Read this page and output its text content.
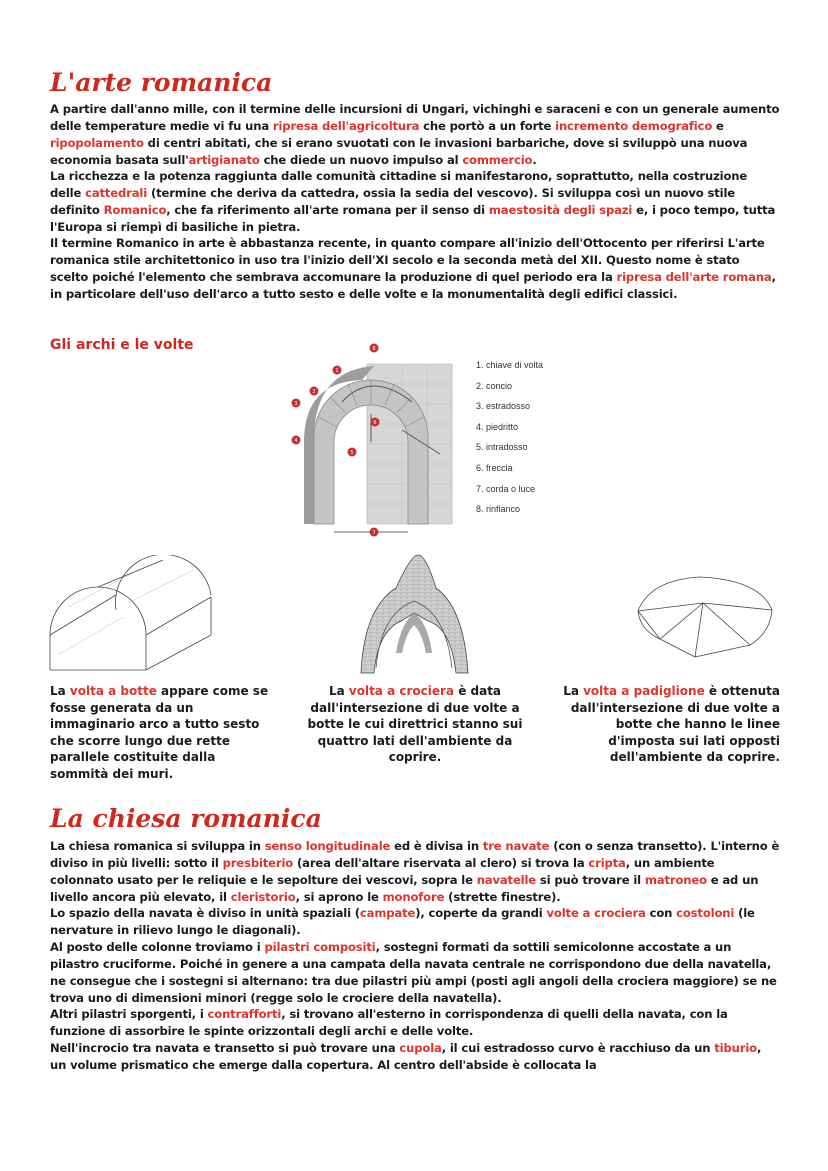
L'arte romanica

A partire dall'anno mille, con il termine delle incursioni di Ungari, vichinghi e saraceni e con un generale aumento delle temperature medie vi fu una ripresa dell'agricoltura che portò a un forte incremento demografico e ripopolamento di centri abitati, che si erano svuotati con le invasioni barbariche, dove si sviluppò una nuova economia basata sull'artigianato che diede un nuovo impulso al commercio.

La ricchezza e la potenza raggiunta dalle comunità cittadine si manifestarono, soprattutto, nella costruzione delle cattedrali (termine che deriva da cattedra, ossia la sedia del vescovo). Si sviluppa così un nuovo stile definito Romanico, che fa riferimento all'arte romana per il senso di maestosità degli spazi e, i poco tempo, tutta l'Europa si riempì di basiliche in pietra.

Il termine Romanico in arte è abbastanza recente, in quanto compare all'inizio dell'Ottocento per riferirsi L'arte romanica stile architettonico in uso tra l'inizio dell'XI secolo e la seconda metà del XII. Questo nome è stato scelto poiché l'elemento che sembrava accomunare la produzione di quel periodo era la ripresa dell'arte romana, in particolare dell'uso dell'arco a tutto sesto e delle volte e la monumentalità degli edifici classici.

Gli archi e le volte
1
2
3
4
5
6
7
8
1. chiave di volta
2. concio
3. estradosso
4. piedritto
5. intradosso
6. freccia
7. corda o luce
8. rinfianco

La volta a botte appare come se fosse generata da un immaginario arco a tutto sesto che scorre lungo due rette parallele costituite dalla sommità dei muri.

La volta a crociera è data dall'intersezione di due volte a botte le cui direttrici stanno sui quattro lati dell'ambiente da coprire.

La volta a padiglione è ottenuta dall'intersezione di due volte a botte che hanno le linee d'imposta sui lati opposti dell'ambiente da coprire.

La chiesa romanica

La chiesa romanica si sviluppa in senso longitudinale ed è divisa in tre navate (con o senza transetto). L'interno è diviso in più livelli: sotto il presbiterio (area dell'altare riservata al clero) si trova la cripta, un ambiente colonnato usato per le reliquie e le sepolture dei vescovi, sopra le navatelle si può trovare il matroneo e ad un livello ancora più elevato, il cleristorio, si aprono le monofore (strette finestre).

Lo spazio della navata è diviso in unità spaziali (campate), coperte da grandi volte a crociera con costoloni (le nervature in rilievo lungo le diagonali).

Al posto delle colonne troviamo i pilastri compositi, sostegni formati da sottili semicolonne accostate a un pilastro cruciforme. Poiché in genere a una campata della navata centrale ne corrispondono due della navatella, ne consegue che i sostegni si alternano: tra due pilastri più ampi (posti agli angoli della crociera maggiore) se ne trova uno di dimensioni minori (regge solo le crociere della navatella).

Altri pilastri sporgenti, i contrafforti, si trovano all'esterno in corrispondenza di quelli della navata, con la funzione di assorbire le spinte orizzontali degli archi e delle volte.

Nell'incrocio tra navata e transetto si può trovare una cupola, il cui estradosso curvo è racchiuso da un tiburio, un volume prismatico che emerge dalla copertura. Al centro dell'abside è collocata la
